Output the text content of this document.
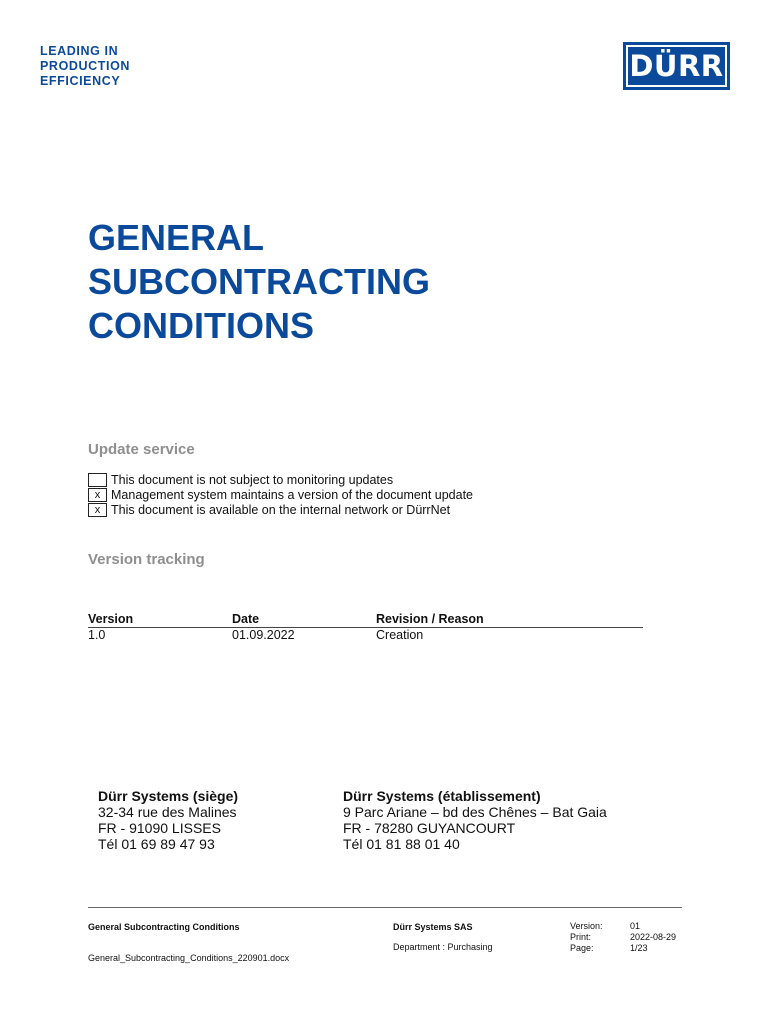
LEADING IN
PRODUCTION
EFFICIENCY	DÜRR
GENERAL
SUBCONTRACTING
CONDITIONS
Update service
This document is not subject to monitoring updates
x Management system maintains a version of the document update
x This document is available on the internal network or DürrNet
Version tracking
Version	Date	Revision / Reason
1.0	01.09.2022	Creation
Dürr Systems (siège)
32-34 rue des Malines
FR - 91090 LISSES
Tél 01 69 89 47 93
Dürr Systems (établissement)
9 Parc Ariane – bd des Chênes – Bat Gaia
FR - 78280 GUYANCOURT
Tél 01 81 88 01 40
General Subcontracting Conditions
General_Subcontracting_Conditions_220901.docx
Dürr Systems SAS
Department : Purchasing
Version:	01
Print:	2022-08-29
Page:	1/23
